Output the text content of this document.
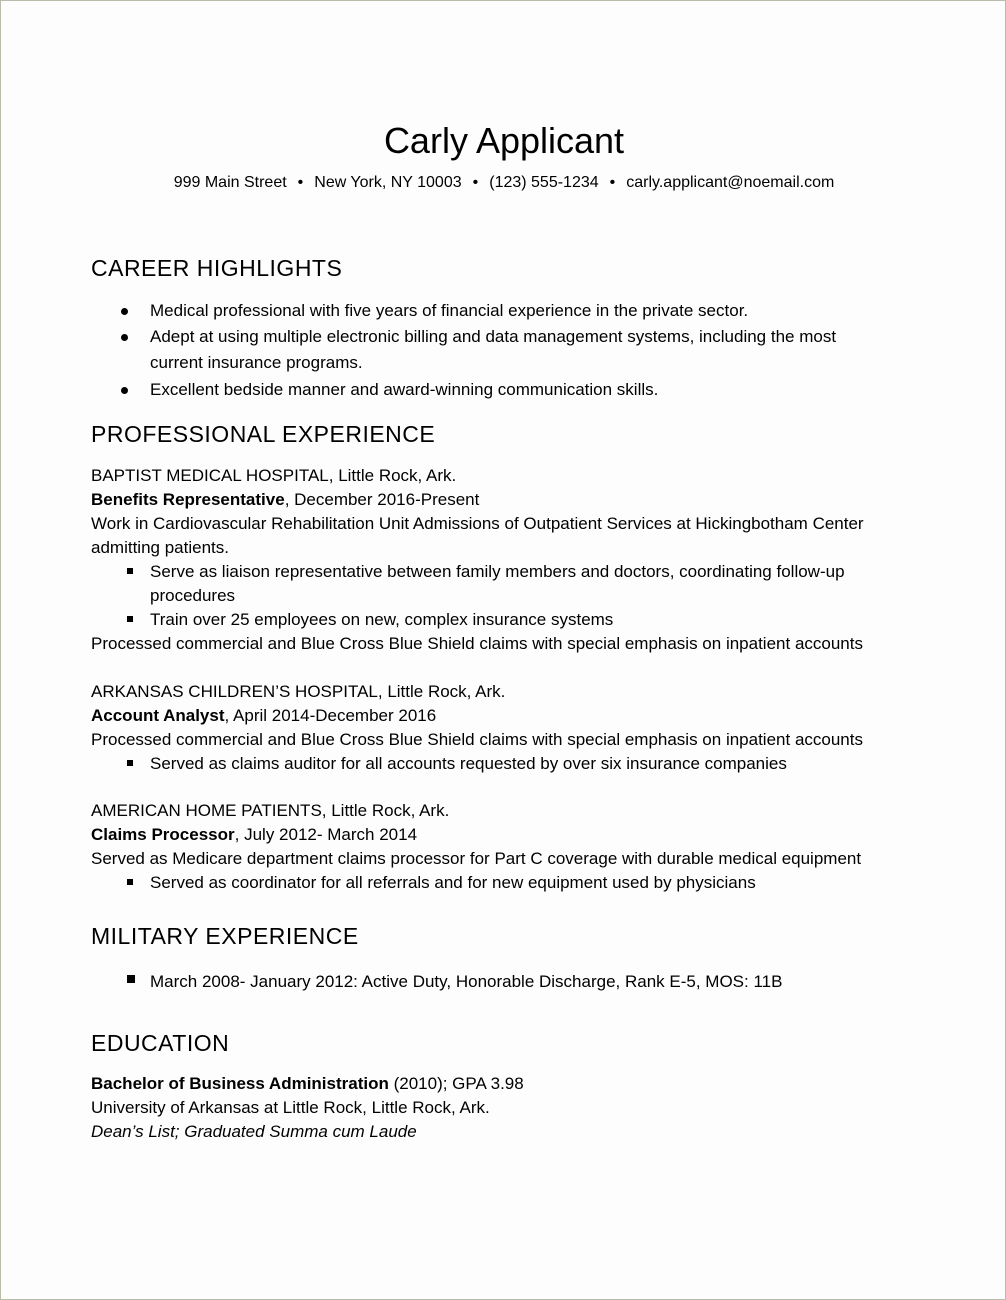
Carly Applicant
999 Main Street • New York, NY 10003 • (123) 555-1234 • carly.applicant@noemail.com
CAREER HIGHLIGHTS
Medical professional with five years of financial experience in the private sector.
Adept at using multiple electronic billing and data management systems, including the most
current insurance programs.
Excellent bedside manner and award-winning communication skills.
PROFESSIONAL EXPERIENCE
BAPTIST MEDICAL HOSPITAL, Little Rock, Ark.
Benefits Representative, December 2016-Present
Work in Cardiovascular Rehabilitation Unit Admissions of Outpatient Services at Hickingbotham Center
admitting patients.
Serve as liaison representative between family members and doctors, coordinating follow-up
procedures
Train over 25 employees on new, complex insurance systems
Processed commercial and Blue Cross Blue Shield claims with special emphasis on inpatient accounts
ARKANSAS CHILDREN’S HOSPITAL, Little Rock, Ark.
Account Analyst, April 2014-December 2016
Processed commercial and Blue Cross Blue Shield claims with special emphasis on inpatient accounts
Served as claims auditor for all accounts requested by over six insurance companies
AMERICAN HOME PATIENTS, Little Rock, Ark.
Claims Processor, July 2012- March 2014
Served as Medicare department claims processor for Part C coverage with durable medical equipment
Served as coordinator for all referrals and for new equipment used by physicians
MILITARY EXPERIENCE
March 2008- January 2012: Active Duty, Honorable Discharge, Rank E-5, MOS: 11B
EDUCATION
Bachelor of Business Administration (2010); GPA 3.98
University of Arkansas at Little Rock, Little Rock, Ark.
Dean’s List; Graduated Summa cum Laude
